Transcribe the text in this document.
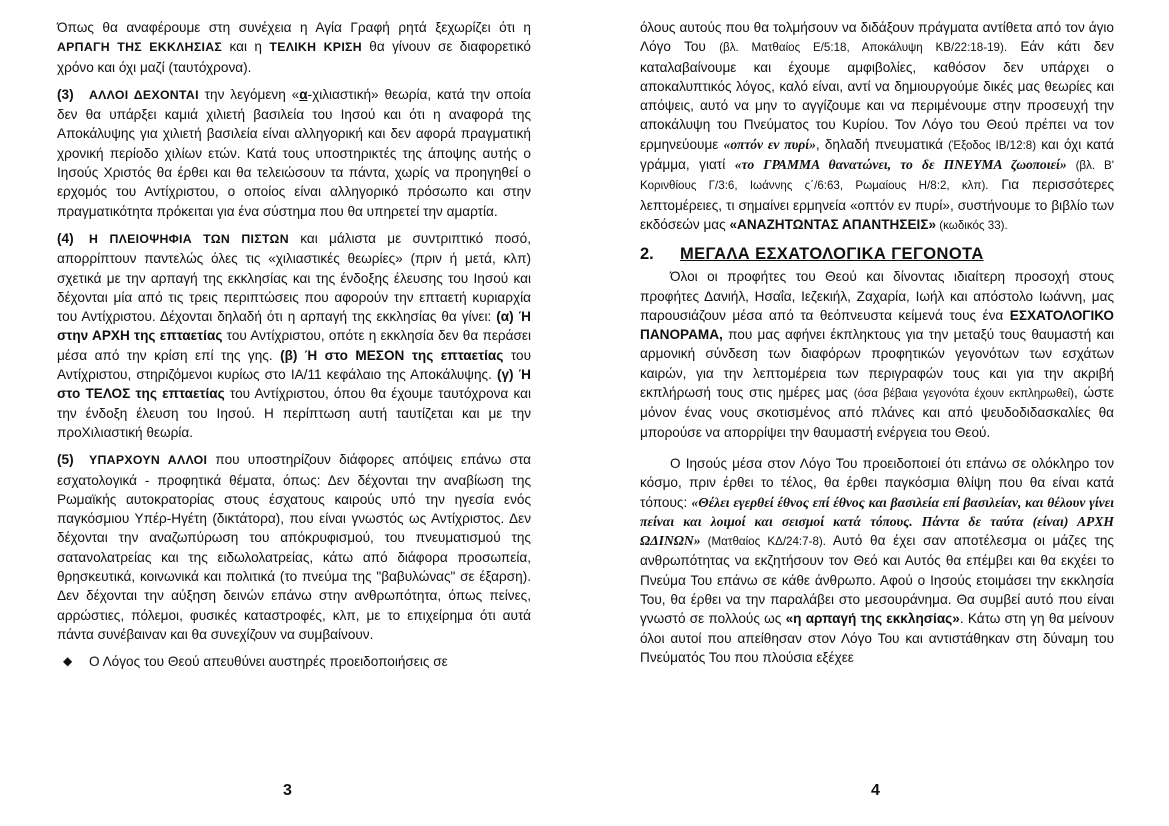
Όπως θα αναφέρουμε στη συνέχεια η Αγία Γραφή ρητά ξεχωρίζει ότι η ΑΡΠΑΓΗ ΤΗΣ ΕΚΚΛΗΣΙΑΣ και η ΤΕΛΙΚΗ ΚΡΙΣΗ θα γίνουν σε διαφορετικό χρόνο και όχι μαζί (ταυτόχρονα).

(3) ΑΛΛΟΙ ΔΕΧΟΝΤΑΙ την λεγόμενη «α-χιλιαστική» θεωρία, κατά την οποία δεν θα υπάρξει καμιά χιλιετή βασιλεία του Ιησού και ότι η αναφορά της Αποκάλυψης για χιλιετή βασιλεία είναι αλληγορική και δεν αφορά πραγματική χρονική περίοδο χιλίων ετών. Κατά τους υποστηρικτές της άποψης αυτής ο Ιησούς Χριστός θα έρθει και θα τελειώσουν τα πάντα, χωρίς να προηγηθεί ο ερχομός του Αντίχριστου, ο οποίος είναι αλληγορικό πρόσωπο και στην πραγματικότητα πρόκειται για ένα σύστημα που θα υπηρετεί την αμαρτία.

(4) Η ΠΛΕΙΟΨΗΦΙΑ ΤΩΝ ΠΙΣΤΩΝ και μάλιστα με συντριπτικό ποσό, απορρίπτουν παντελώς όλες τις «χιλιαστικές θεωρίες» (πριν ή μετά, κλπ) σχετικά με την αρπαγή της εκκλησίας και της ένδοξης έλευσης του Ιησού και δέχονται μία από τις τρεις περιπτώσεις που αφορούν την επταετή κυριαρχία του Αντίχριστου. Δέχονται δηλαδή ότι η αρπαγή της εκκλησίας θα γίνει: (α) Ή στην ΑΡΧΗ της επταετίας του Αντίχριστου, οπότε η εκκλησία δεν θα περάσει μέσα από την κρίση επί της γης. (β) Ή στο ΜΕΣΟΝ της επταετίας του Αντίχριστου, στηριζόμενοι κυρίως στο ΙΑ/11 κεφάλαιο της Αποκάλυψης. (γ) Ή στο ΤΕΛΟΣ της επταετίας του Αντίχριστου, όπου θα έχουμε ταυτόχρονα και την ένδοξη έλευση του Ιησού. Η περίπτωση αυτή ταυτίζεται και με την προΧιλιαστική θεωρία.

(5) ΥΠΑΡΧΟΥΝ ΑΛΛΟΙ που υποστηρίζουν διάφορες απόψεις επάνω στα εσχατολογικά - προφητικά θέματα, όπως: Δεν δέχονται την αναβίωση της Ρωμαϊκής αυτοκρατορίας στους έσχατους καιρούς υπό την ηγεσία ενός παγκόσμιου Υπέρ-Ηγέτη (δικτάτορα), που είναι γνωστός ως Αντίχριστος. Δεν δέχονται την αναζωπύρωση του απόκρυφισμού, του πνευματισμού της σατανολατρείας και της ειδωλολατρείας, κάτω από διάφορα προσωπεία, θρησκευτικά, κοινωνικά και πολιτικά (το πνεύμα της "βαβυλώνας" σε έξαρση). Δεν δέχονται την αύξηση δεινών επάνω στην ανθρωπότητα, όπως πείνες, αρρώστιες, πόλεμοι, φυσικές καταστροφές, κλπ, με το επιχείρημα ότι αυτά πάντα συνέβαιναν και θα συνεχίζουν να συμβαίνουν.

◆	Ο Λόγος του Θεού απευθύνει αυστηρές προειδοποιήσεις σε

3

όλους αυτούς που θα τολμήσουν να διδάξουν πράγματα αντίθετα από τον άγιο Λόγο Του (βλ. Ματθαίος Ε/5:18, Αποκάλυψη ΚΒ/22:18-19). Εάν κάτι δεν καταλαβαίνουμε και έχουμε αμφιβολίες, καθόσον δεν υπάρχει ο αποκαλυπτικός λόγος, καλό είναι, αντί να δημιουργούμε δικές μας θεωρίες και απόψεις, αυτό να μην το αγγίζουμε και να περιμένουμε στην προσευχή την αποκάλυψη του Πνεύματος του Κυρίου. Τον Λόγο του Θεού πρέπει να τον ερμηνεύουμε «οπτόν εν πυρί», δηλαδή πνευματικά (Έξοδος ΙΒ/12:8) και όχι κατά γράμμα, γιατί «το ΓΡΑΜΜΑ θανατώνει, το δε ΠΝΕΥΜΑ ζωοποιεί» (βλ. Β' Κορινθίους Γ/3:6, Ιωάννης ς΄/6:63, Ρωμαίους Η/8:2, κλπ). Για περισσότερες λεπτομέρειες, τι σημαίνει ερμηνεία «οπτόν εν πυρί», συστήνουμε το βιβλίο των εκδόσεών μας «ΑΝΑΖΗΤΩΝΤΑΣ ΑΠΑΝΤΗΣΕΙΣ» (κωδικός 33).

2.	ΜΕΓΑΛΑ ΕΣΧΑΤΟΛΟΓΙΚΑ ΓΕΓΟΝΟΤΑ

Όλοι οι προφήτες του Θεού και δίνοντας ιδιαίτερη προσοχή στους προφήτες Δανιήλ, Ησαΐα, Ιεζεκιήλ, Ζαχαρία, Ιωήλ και απόστολο Ιωάννη, μας παρουσιάζουν μέσα από τα θεόπνευστα κείμενά τους ένα ΕΣΧΑΤΟΛΟΓΙΚΟ ΠΑΝΟΡΑΜΑ, που μας αφήνει έκπληκτους για την μεταξύ τους θαυμαστή και αρμονική σύνδεση των διαφόρων προφητικών γεγονότων των εσχάτων καιρών, για την λεπτομέρεια των περιγραφών τους και για την ακριβή εκπλήρωσή τους στις ημέρες μας (όσα βέβαια γεγονότα έχουν εκπληρωθεί), ώστε μόνον ένας νους σκοτισμένος από πλάνες και από ψευδοδιδασκαλίες θα μπορούσε να απορρίψει την θαυμαστή ενέργεια του Θεού.

Ο Ιησούς μέσα στον Λόγο Του προειδοποιεί ότι επάνω σε ολόκληρο τον κόσμο, πριν έρθει το τέλος, θα έρθει παγκόσμια θλίψη που θα είναι κατά τόπους: «Θέλει εγερθεί έθνος επί έθνος και βασιλεία επί βασιλείαν, και θέλουν γίνει πείναι και λοιμοί και σεισμοί κατά τόπους. Πάντα δε ταύτα (είναι) ΑΡΧΗ ΩΔΙΝΩΝ» (Ματθαίος ΚΔ/24:7-8). Αυτό θα έχει σαν αποτέλεσμα οι μάζες της ανθρωπότητας να εκζητήσουν τον Θεό και Αυτός θα επέμβει και θα εκχέει το Πνεύμα Του επάνω σε κάθε άνθρωπο. Αφού ο Ιησούς ετοιμάσει την εκκλησία Του, θα έρθει να την παραλάβει στο μεσουράνημα. Θα συμβεί αυτό που είναι γνωστό σε πολλούς ως «η αρπαγή της εκκλησίας». Κάτω στη γη θα μείνουν όλοι αυτοί που απείθησαν στον Λόγο Του και αντιστάθηκαν στη δύναμη του Πνεύματός Του που πλούσια εξέχεε

4
